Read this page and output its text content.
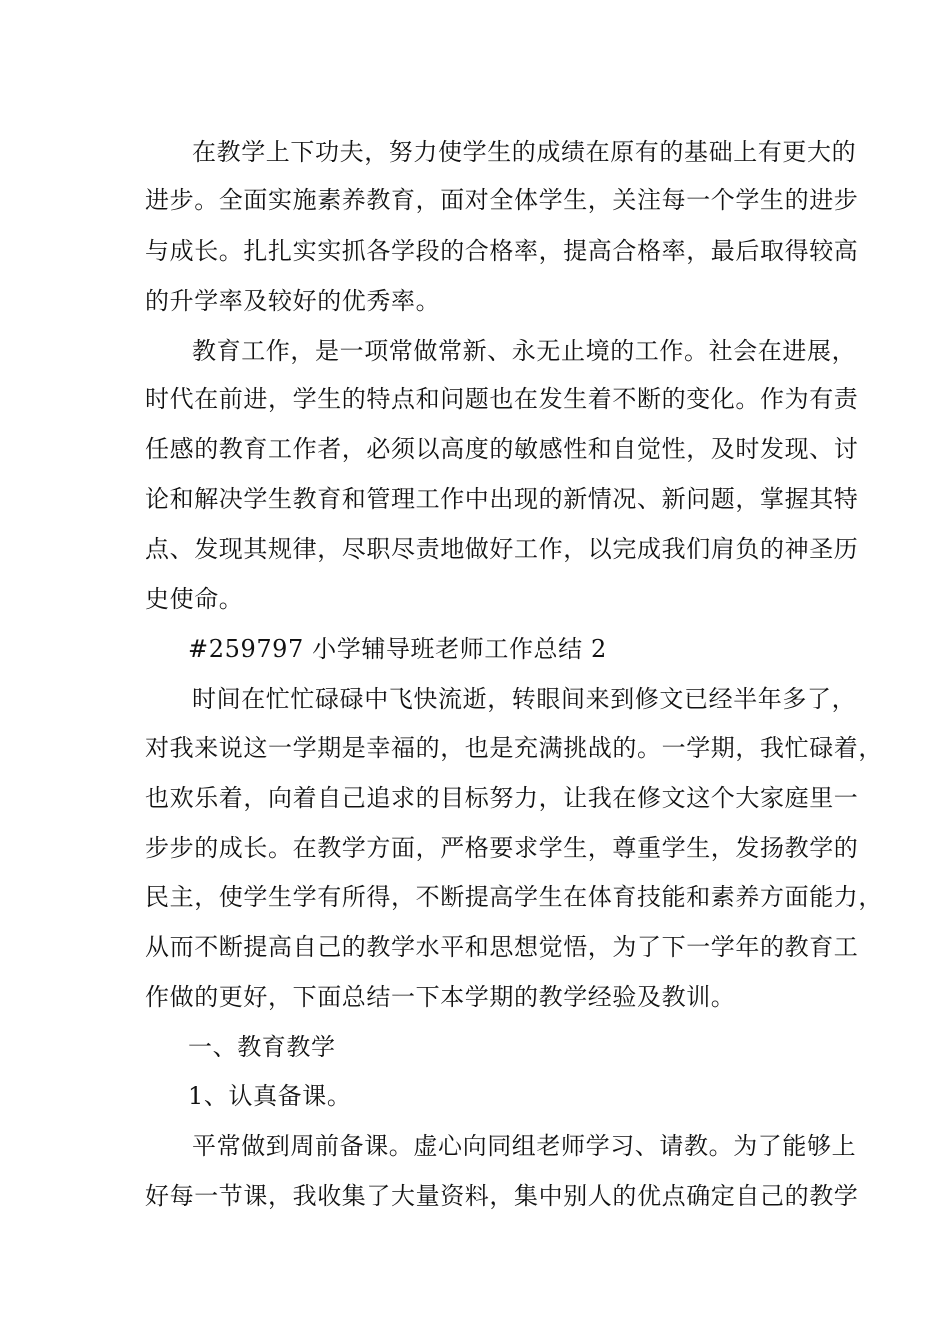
在教学上下功夫，努力使学生的成绩在原有的基础上有更大的
进步。全面实施素养教育，面对全体学生，关注每一个学生的进步
与成长。扎扎实实抓各学段的合格率，提高合格率，最后取得较高
的升学率及较好的优秀率。
教育工作，是一项常做常新、永无止境的工作。社会在进展，
时代在前进，学生的特点和问题也在发生着不断的变化。作为有责
任感的教育工作者，必须以高度的敏感性和自觉性，及时发现、讨
论和解决学生教育和管理工作中出现的新情况、新问题，掌握其特
点、发现其规律，尽职尽责地做好工作，以完成我们肩负的神圣历
史使命。
#259797 小学辅导班老师工作总结 2
时间在忙忙碌碌中飞快流逝，转眼间来到修文已经半年多了，
对我来说这一学期是幸福的，也是充满挑战的。一学期，我忙碌着，
也欢乐着，向着自己追求的目标努力，让我在修文这个大家庭里一
步步的成长。在教学方面，严格要求学生，尊重学生，发扬教学的
民主，使学生学有所得，不断提高学生在体育技能和素养方面能力，
从而不断提高自己的教学水平和思想觉悟，为了下一学年的教育工
作做的更好，下面总结一下本学期的教学经验及教训。
一、教育教学
1、认真备课。
平常做到周前备课。虚心向同组老师学习、请教。为了能够上
好每一节课，我收集了大量资料，集中别人的优点确定自己的教学
